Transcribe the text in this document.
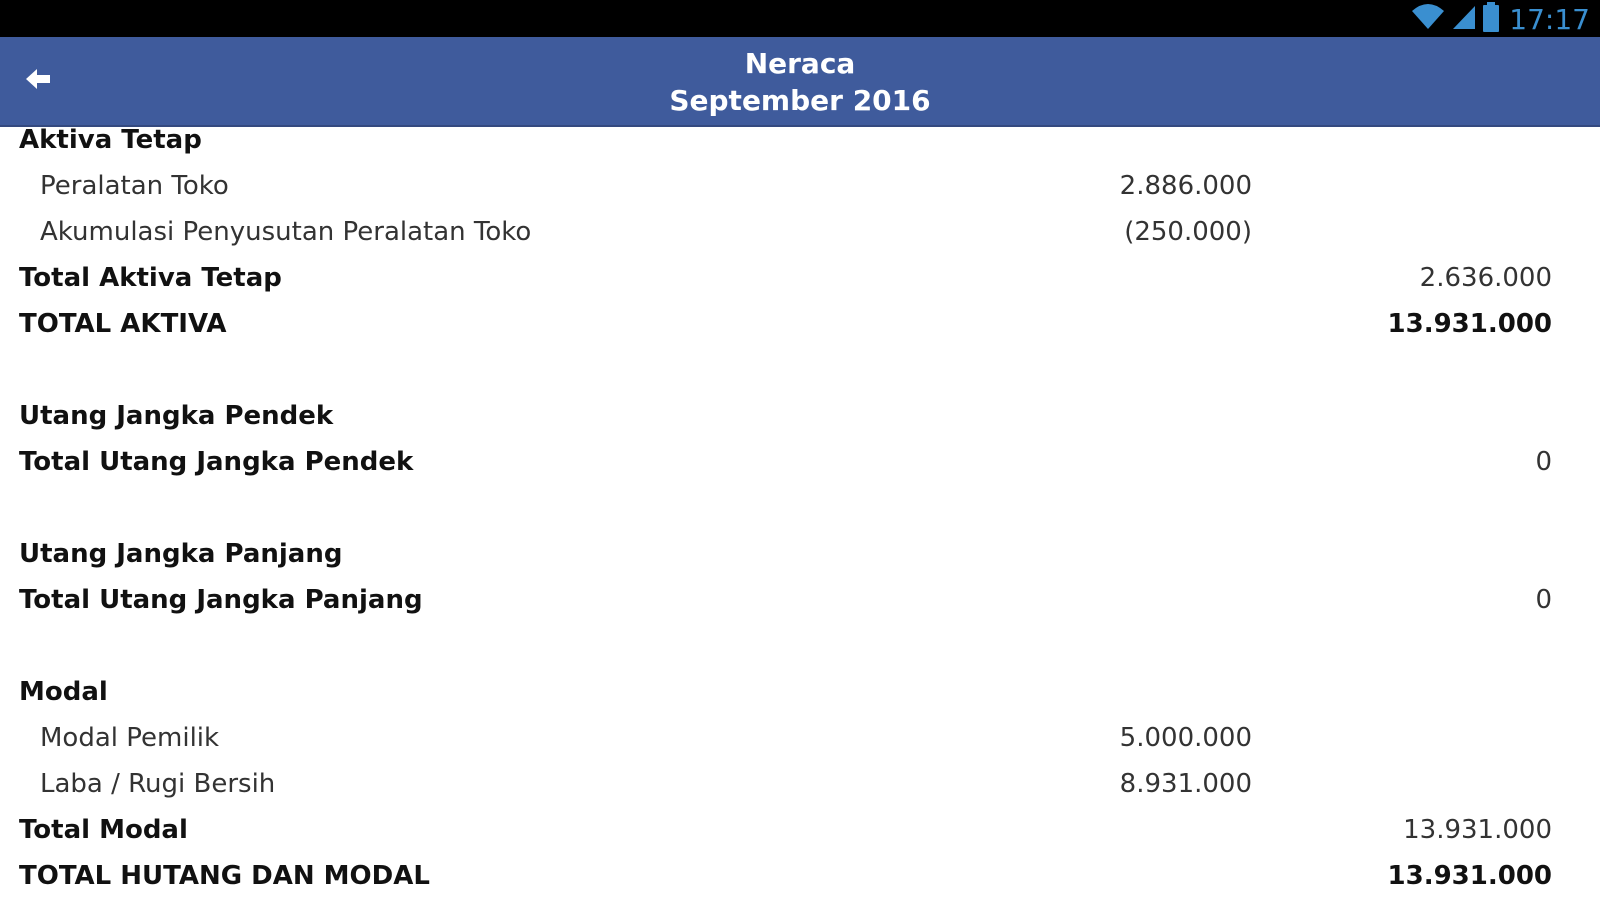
17:17
Neraca
September 2016
Aktiva Tetap
Peralatan Toko	2.886.000
Akumulasi Penyusutan Peralatan Toko	(250.000)
Total Aktiva Tetap	2.636.000
TOTAL AKTIVA	13.931.000
Utang Jangka Pendek
Total Utang Jangka Pendek	0
Utang Jangka Panjang
Total Utang Jangka Panjang	0
Modal
Modal Pemilik	5.000.000
Laba / Rugi Bersih	8.931.000
Total Modal	13.931.000
TOTAL HUTANG DAN MODAL	13.931.000
